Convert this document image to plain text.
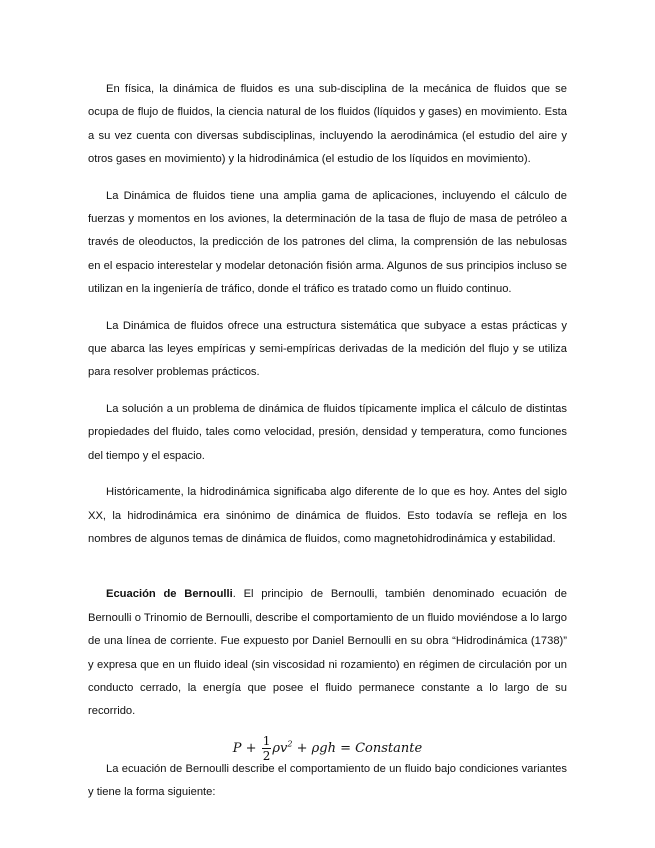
En física, la dinámica de fluidos es una sub-disciplina de la mecánica de fluidos que se ocupa de flujo de fluidos, la ciencia natural de los fluidos (líquidos y gases) en movimiento. Esta a su vez cuenta con diversas subdisciplinas, incluyendo la aerodinámica (el estudio del aire y otros gases en movimiento) y la hidrodinámica (el estudio de los líquidos en movimiento).

La Dinámica de fluidos tiene una amplia gama de aplicaciones, incluyendo el cálculo de fuerzas y momentos en los aviones, la determinación de la tasa de flujo de masa de petróleo a través de oleoductos, la predicción de los patrones del clima, la comprensión de las nebulosas en el espacio interestelar y modelar detonación fisión arma. Algunos de sus principios incluso se utilizan en la ingeniería de tráfico, donde el tráfico es tratado como un fluido continuo.

La Dinámica de fluidos ofrece una estructura sistemática que subyace a estas prácticas y que abarca las leyes empíricas y semi-empíricas derivadas de la medición del flujo y se utiliza para resolver problemas prácticos.

La solución a un problema de dinámica de fluidos típicamente implica el cálculo de distintas propiedades del fluido, tales como velocidad, presión, densidad y temperatura, como funciones del tiempo y el espacio.

Históricamente, la hidrodinámica significaba algo diferente de lo que es hoy. Antes del siglo XX, la hidrodinámica era sinónimo de dinámica de fluidos. Esto todavía se refleja en los nombres de algunos temas de dinámica de fluidos, como magnetohidrodinámica y estabilidad.

Ecuación de Bernoulli. El principio de Bernoulli, también denominado ecuación de Bernoulli o Trinomio de Bernoulli, describe el comportamiento de un fluido moviéndose a lo largo de una línea de corriente. Fue expuesto por Daniel Bernoulli en su obra “Hidrodinámica (1738)” y expresa que en un fluido ideal (sin viscosidad ni rozamiento) en régimen de circulación por un conducto cerrado, la energía que posee el fluido permanece constante a lo largo de su recorrido.

La ecuación de Bernoulli describe el comportamiento de un fluido bajo condiciones variantes y tiene la forma siguiente:

$P + \frac{1}{2} \rho v^2 + \rho gh$ = Constante
